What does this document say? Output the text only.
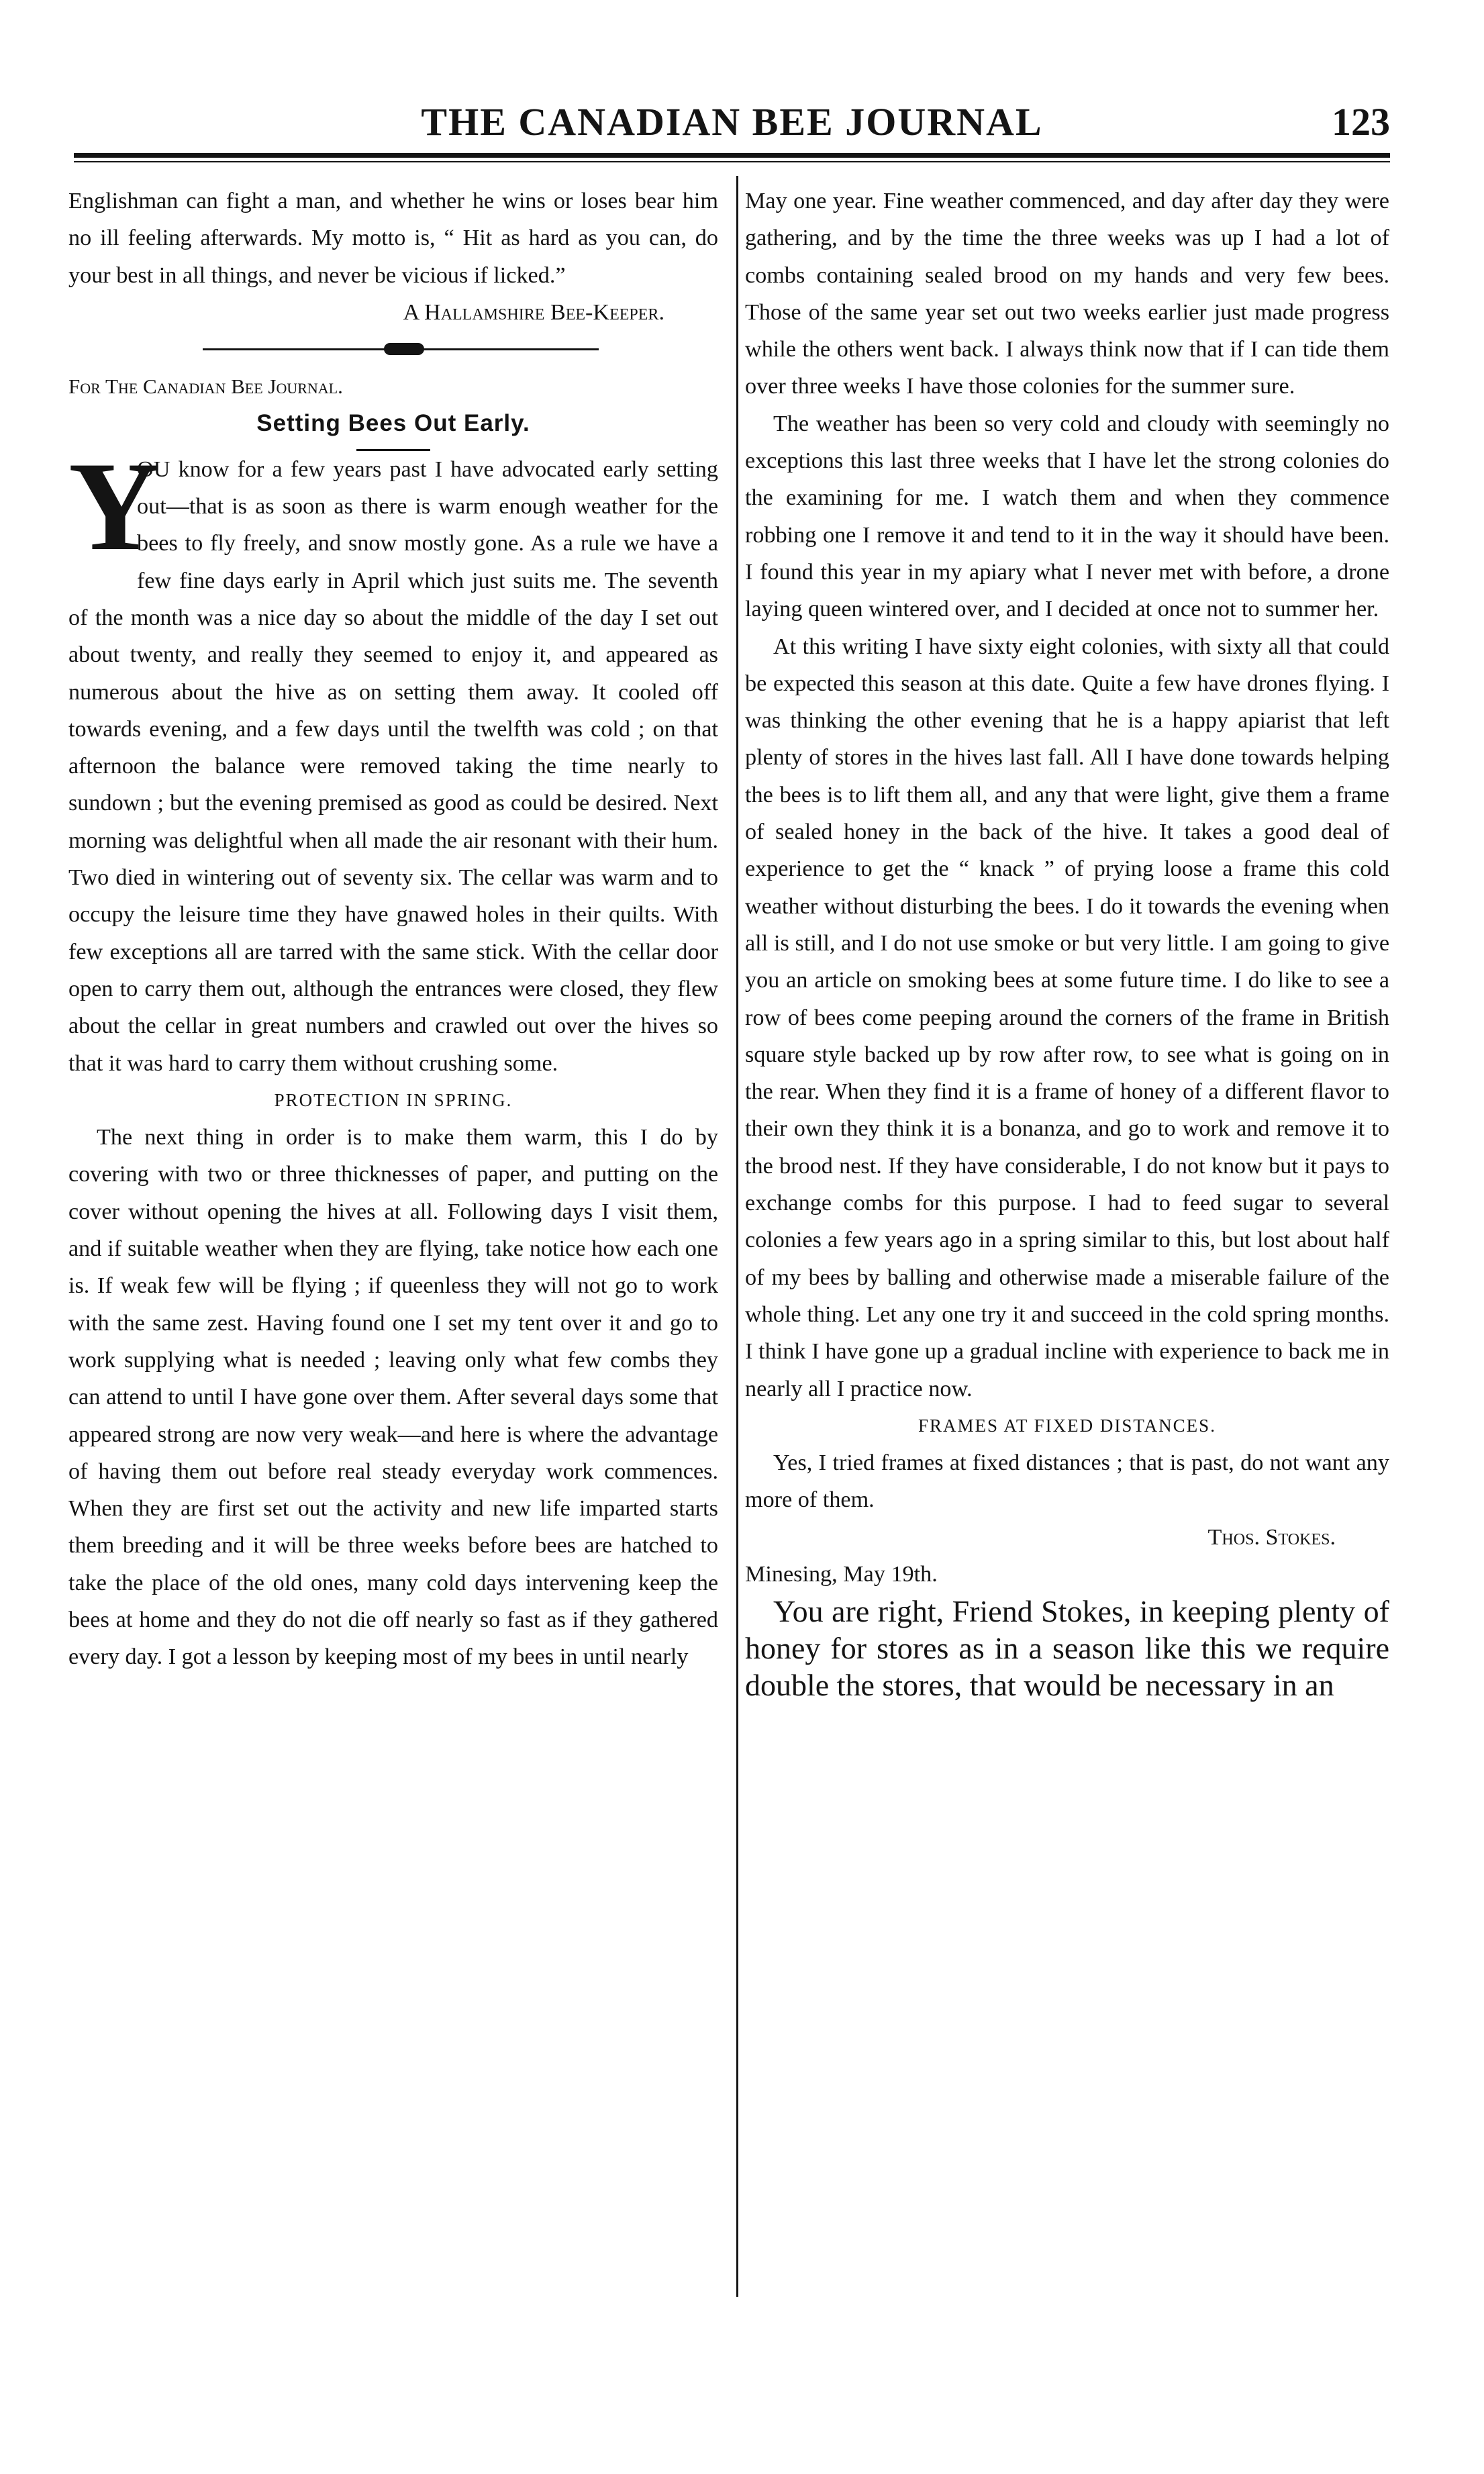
THE CANADIAN BEE JOURNAL	123

Englishman can fight a man, and whether he wins or loses bear him no ill feeling afterwards. My motto is, “ Hit as hard as you can, do your best in all things, and never be vicious if licked.”

A Hallamshire Bee-Keeper.

For The Canadian Bee Journal.

Setting Bees Out Early.

Y

OU know for a few years past I have advocated early setting out—that is as soon as there is warm enough weather for the bees to fly freely, and snow mostly gone. As a rule we have a few fine days early in April which just suits me. The seventh of the month was a nice day so about the middle of the day I set out about twenty, and really they seemed to enjoy it, and appeared as numerous about the hive as on setting them away. It cooled off towards evening, and a few days until the twelfth was cold ; on that afternoon the balance were removed taking the time nearly to sundown ; but the evening premised as good as could be desired. Next morning was delightful when all made the air resonant with their hum. Two died in wintering out of seventy six. The cellar was warm and to occupy the leisure time they have gnawed holes in their quilts. With few exceptions all are tarred with the same stick. With the cellar door open to carry them out, although the entrances were closed, they flew about the cellar in great numbers and crawled out over the hives so that it was hard to carry them without crushing some.

PROTECTION IN SPRING.

The next thing in order is to make them warm, this I do by covering with two or three thicknesses of paper, and putting on the cover without opening the hives at all. Following days I visit them, and if suitable weather when they are flying, take notice how each one is. If weak few will be flying ; if queenless they will not go to work with the same zest. Having found one I set my tent over it and go to work supplying what is needed ; leaving only what few combs they can attend to until I have gone over them. After several days some that appeared strong are now very weak—and here is where the advantage of having them out before real steady everyday work commences. When they are first set out the activity and new life imparted starts them breeding and it will be three weeks before bees are hatched to take the place of the old ones, many cold days intervening keep the bees at home and they do not die off nearly so fast as if they gathered every day. I got a lesson by keeping most of my bees in until nearly

May one year. Fine weather commenced, and day after day they were gathering, and by the time the three weeks was up I had a lot of combs containing sealed brood on my hands and very few bees. Those of the same year set out two weeks earlier just made progress while the others went back. I always think now that if I can tide them over three weeks I have those colonies for the summer sure.

The weather has been so very cold and cloudy with seemingly no exceptions this last three weeks that I have let the strong colonies do the examining for me. I watch them and when they commence robbing one I remove it and tend to it in the way it should have been. I found this year in my apiary what I never met with before, a drone laying queen wintered over, and I decided at once not to summer her.

At this writing I have sixty eight colonies, with sixty all that could be expected this season at this date. Quite a few have drones flying. I was thinking the other evening that he is a happy apiarist that left plenty of stores in the hives last fall. All I have done towards helping the bees is to lift them all, and any that were light, give them a frame of sealed honey in the back of the hive. It takes a good deal of experience to get the “ knack ” of prying loose a frame this cold weather without disturbing the bees. I do it towards the evening when all is still, and I do not use smoke or but very little. I am going to give you an article on smoking bees at some future time. I do like to see a row of bees come peeping around the corners of the frame in British square style backed up by row after row, to see what is going on in the rear. When they find it is a frame of honey of a different flavor to their own they think it is a bonanza, and go to work and remove it to the brood nest. If they have considerable, I do not know but it pays to exchange combs for this purpose. I had to feed sugar to several colonies a few years ago in a spring similar to this, but lost about half of my bees by balling and otherwise made a miserable failure of the whole thing. Let any one try it and succeed in the cold spring months. I think I have gone up a gradual incline with experience to back me in nearly all I practice now.

FRAMES AT FIXED DISTANCES.

Yes, I tried frames at fixed distances ; that is past, do not want any more of them.

Thos. Stokes.

Minesing, May 19th.

You are right, Friend Stokes, in keeping plenty of honey for stores as in a season like this we require double the stores, that would be necessary in an
